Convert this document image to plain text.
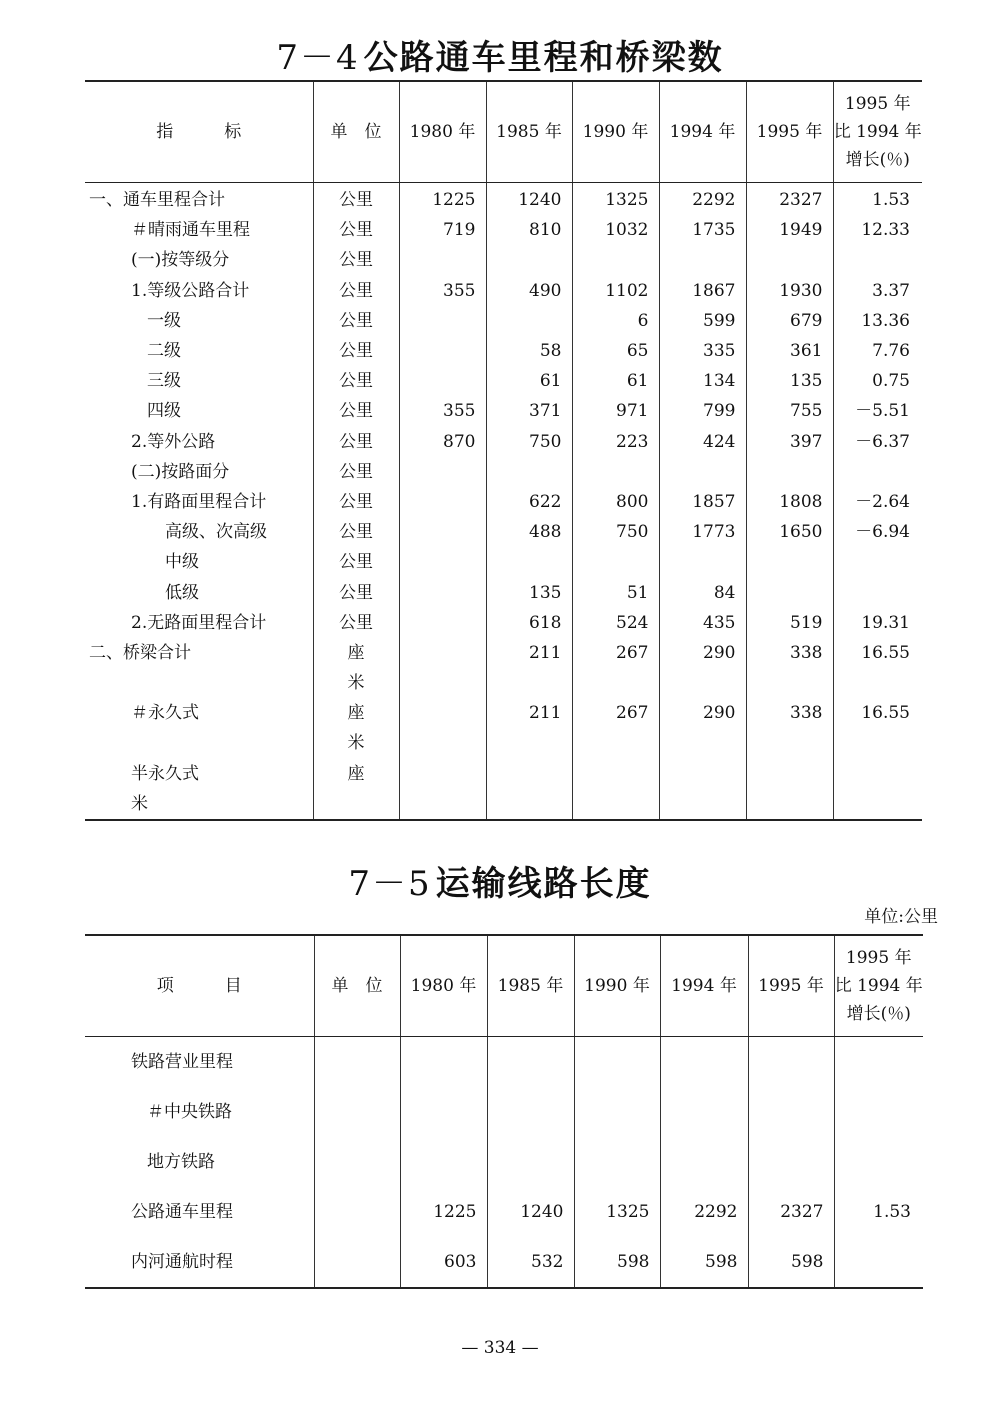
7－4 公路通车里程和桥梁数
指　　　标	单　位	1980 年	1985 年	1990 年	1994 年	1995 年	1995 年
比 1994 年
增长(％)

一、通车里程合计	公里	1225	1240	1325	2292	2327	1.53
＃晴雨通车里程	公里	719	810	1032	1735	1949	12.33
(一)按等级分	公里						
1.等级公路合计	公里	355	490	1102	1867	1930	3.37
一级	公里			6	599	679	13.36
二级	公里		58	65	335	361	7.76
三级	公里		61	61	134	135	0.75
四级	公里	355	371	971	799	755	－5.51
2.等外公路	公里	870	750	223	424	397	－6.37
(二)按路面分	公里						
1.有路面里程合计	公里		622	800	1857	1808	－2.64
高级、次高级	公里		488	750	1773	1650	－6.94
中级	公里						
低级	公里		135	51	84		
2.无路面里程合计	公里		618	524	435	519	19.31
二、桥梁合计	座		211	267	290	338	16.55
	米						
＃永久式	座		211	267	290	338	16.55
	米						
半永久式	座						
米							
7－5 运输线路长度
单位:公里
项　　　目	单　位	1980 年	1985 年	1990 年	1994 年	1995 年	1995 年
比 1994 年
增长(％)

铁路营业里程							
＃中央铁路							
地方铁路							
公路通车里程		1225	1240	1325	2292	2327	1.53
内河通航时程		603	532	598	598	598	
— 334 —
